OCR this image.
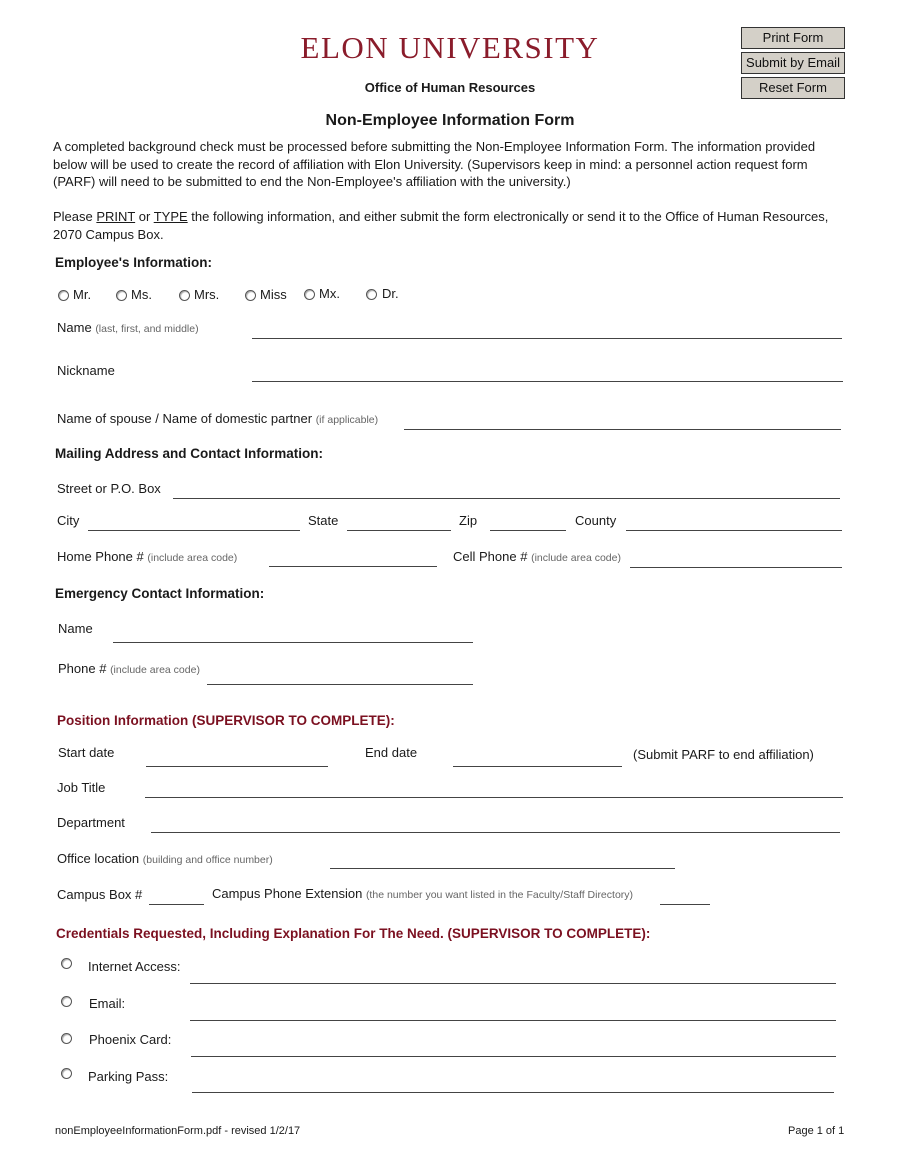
ELON UNIVERSITY
Office of Human Resources
Non-Employee Information Form
Print Form
Submit by Email
Reset Form
A completed background check must be processed before submitting the Non-Employee Information Form. The information provided below will be used to create the record of affiliation with Elon University. (Supervisors keep in mind: a personnel action request form (PARF) will need to be submitted to end the Non-Employee's affiliation with the university.)
Please PRINT or TYPE the following information, and either submit the form electronically or send it to the Office of Human Resources, 2070 Campus Box.
Employee's Information:
Mr.	Ms.	Mrs.	Miss Mx.	Dr.
Name (last, first, and middle)
Nickname
Name of spouse / Name of domestic partner (if applicable)
Mailing Address and Contact Information:
Street or P.O. Box
City	State	Zip	County
Home Phone # (include area code)	Cell Phone # (include area code)
Emergency Contact Information:
Name
Phone # (include area code)
Position Information (SUPERVISOR TO COMPLETE):
Start date	End date	(Submit PARF to end affiliation)
Job Title
Department
Office location (building and office number)
Campus Box #	Campus Phone Extension (the number you want listed in the Faculty/Staff Directory)
Credentials Requested, Including Explanation For The Need. (SUPERVISOR TO COMPLETE):
Internet Access:
Email:
Phoenix Card:
Parking Pass:
nonEmployeeInformationForm.pdf - revised 1/2/17	Page 1 of 1
